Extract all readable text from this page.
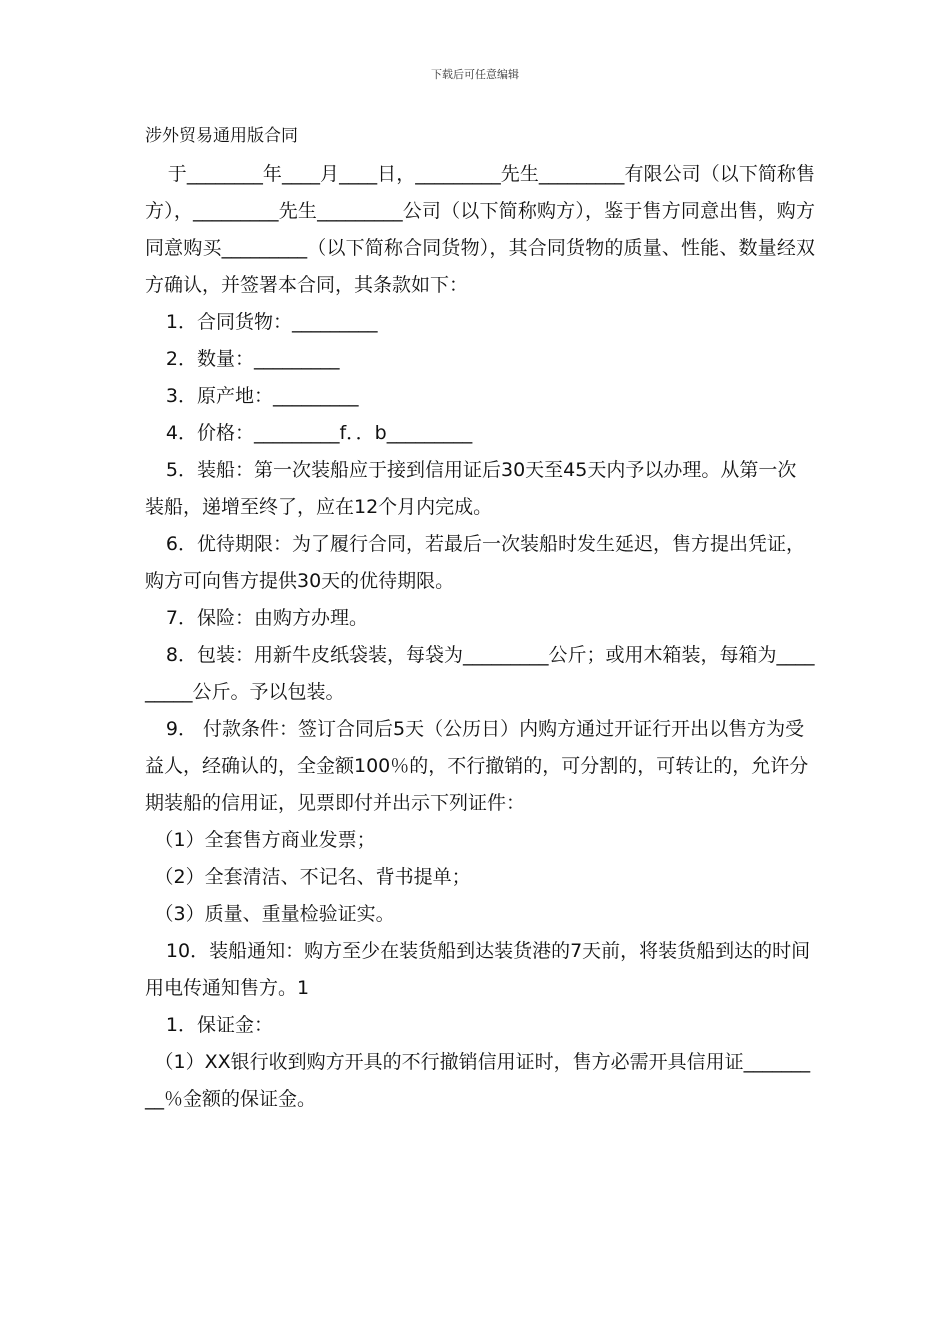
下载后可任意编辑
涉外贸易通用版合同

于________年____月____日，_________先生_________有限公司（以下简称售方），_________先生_________公司（以下简称购方），鉴于售方同意出售，购方同意购买_________（以下简称合同货物），其合同货物的质量、性能、数量经双方确认，并签署本合同，其条款如下：

1．合同货物：_________

2．数量：_________

3．原产地：_________

4．价格：_________f．．b_________

5．装船：第一次装船应于接到信用证后30天至45天内予以办理。从第一次装船，递增至终了，应在12个月内完成。

6．优待期限：为了履行合同，若最后一次装船时发生延迟，售方提出凭证，购方可向售方提供30天的优待期限。

7．保险：由购方办理。

8．包装：用新牛皮纸袋装，每袋为_________公斤；或用木箱装，每箱为_________公斤。予以包装。

9． 付款条件：签订合同后5天（公历日）内购方通过开证行开出以售方为受益人，经确认的，全金额100％的，不行撤销的，可分割的，可转让的，允许分期装船的信用证，见票即付并出示下列证件：

（1）全套售方商业发票；

（2）全套清洁、不记名、背书提单；

（3）质量、重量检验证实。

10．装船通知：购方至少在装货船到达装货港的7天前，将装货船到达的时间用电传通知售方。1

1．保证金：

（1）XX银行收到购方开具的不行撤销信用证时，售方必需开具信用证_________％金额的保证金。
